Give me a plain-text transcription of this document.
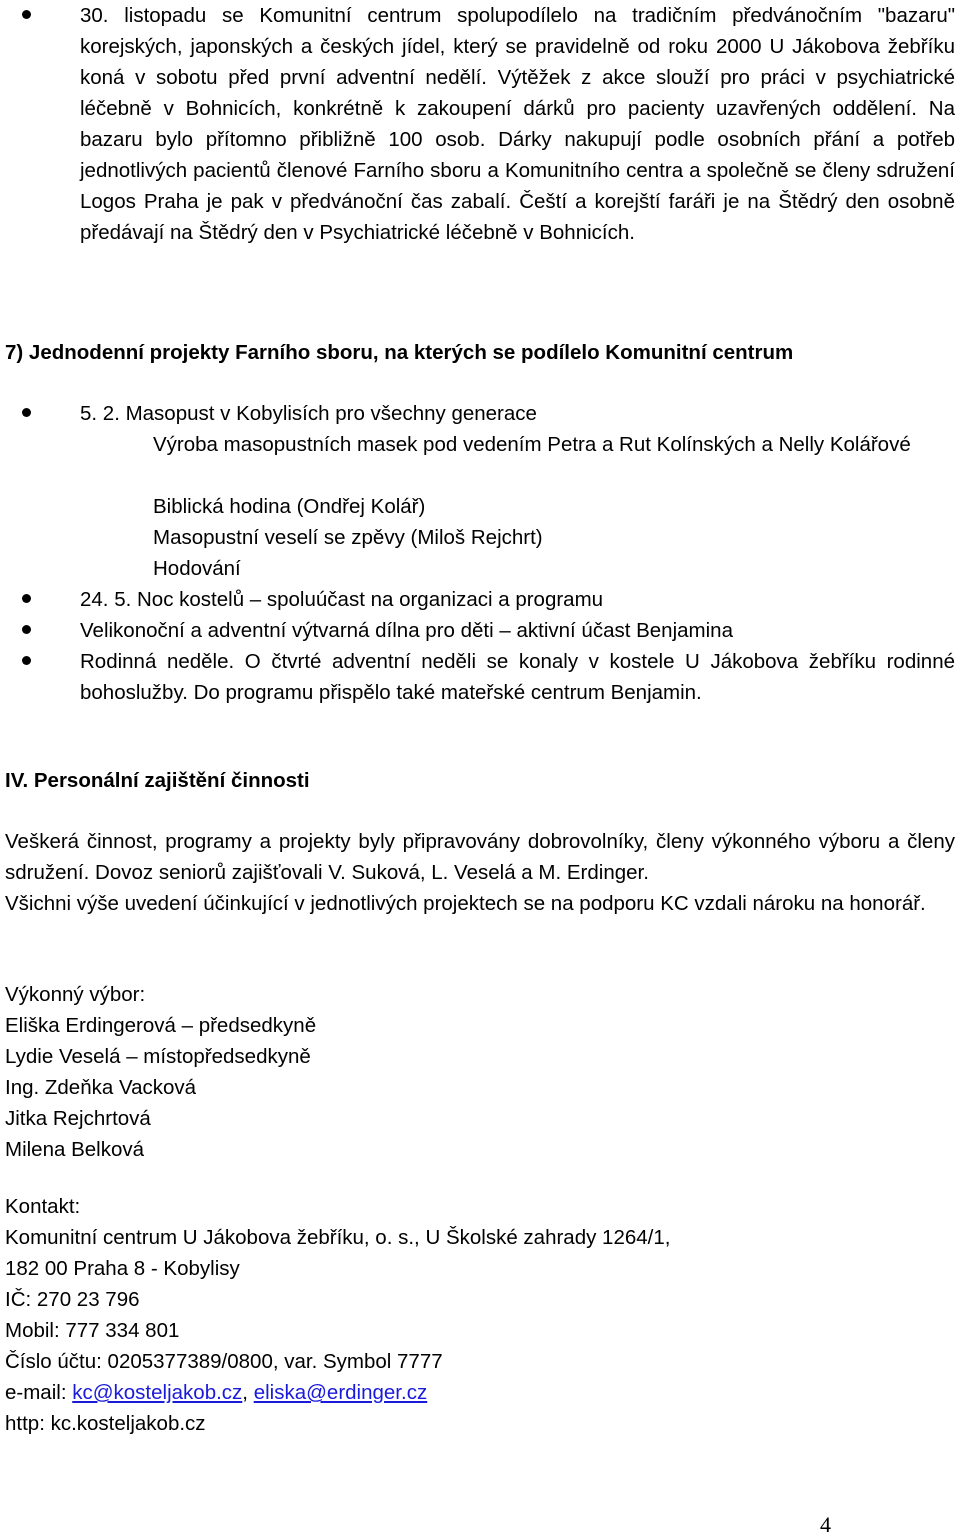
30. listopadu se Komunitní centrum spolupodílelo na tradičním předvánočním "bazaru" korejských, japonských a českých jídel, který se pravidelně od roku 2000 U Jákobova žebříku koná v sobotu před první adventní nedělí. Výtěžek z akce slouží pro práci v psychiatrické léčebně v Bohnicích, konkrétně k zakoupení dárků pro pacienty uzavřených oddělení. Na bazaru bylo přítomno přibližně 100 osob. Dárky nakupují podle osobních přání a potřeb jednotlivých pacientů členové Farního sboru a Komunitního centra a společně se členy sdružení Logos Praha je pak v předvánoční čas zabalí. Čeští a korejští faráři je na Štědrý den osobně předávají na Štědrý den v Psychiatrické léčebně v Bohnicích.
7) Jednodenní projekty Farního sboru, na kterých se podílelo Komunitní centrum
5. 2. Masopust v Kobylisích pro všechny generace
Výroba masopustních masek pod vedením Petra a Rut Kolínských a Nelly Kolářové
Biblická hodina (Ondřej Kolář)
Masopustní veselí se zpěvy (Miloš Rejchrt)
Hodování
24. 5. Noc kostelů – spoluúčast na organizaci a programu
Velikonoční a adventní výtvarná dílna pro děti – aktivní účast Benjamina
Rodinná neděle. O čtvrté adventní neděli se konaly v kostele U Jákobova žebříku rodinné bohoslužby. Do programu přispělo také mateřské centrum Benjamin.
IV. Personální zajištění činnosti
Veškerá činnost, programy a projekty byly připravovány dobrovolníky, členy výkonného výboru a členy sdružení. Dovoz seniorů zajišťovali V. Suková, L. Veselá a M. Erdinger.
Všichni výše uvedení účinkující v jednotlivých projektech se na podporu KC vzdali nároku na honorář.
Výkonný výbor:
Eliška Erdingerová – předsedkyně
Lydie Veselá – místopředsedkyně
Ing. Zdeňka Vacková
Jitka Rejchrtová
Milena Belková
Kontakt:
Komunitní centrum U Jákobova žebříku, o. s., U Školské zahrady 1264/1,
182 00 Praha 8 - Kobylisy
IČ: 270 23 796
Mobil: 777 334 801
Číslo účtu: 0205377389/0800, var. Symbol 7777
e-mail: kc@kosteljakob.cz, eliska@erdinger.cz
http: kc.kosteljakob.cz
4
